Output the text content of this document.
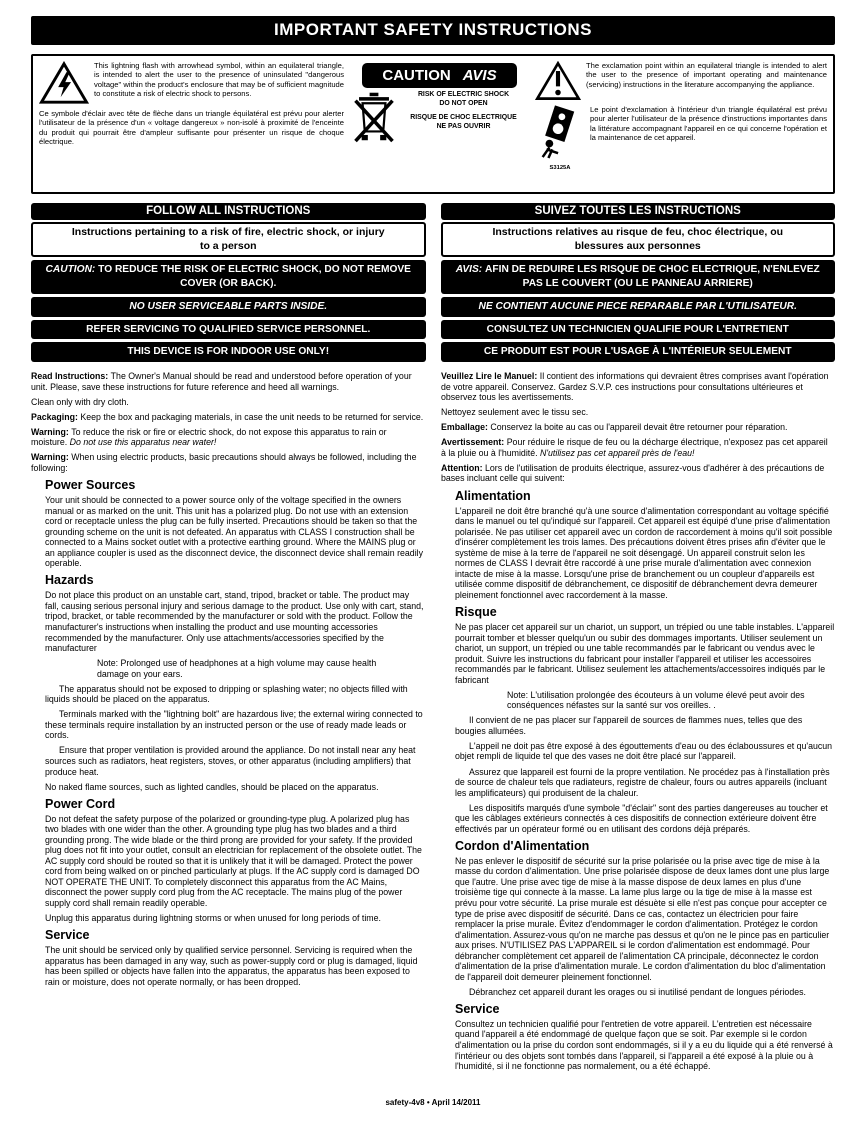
IMPORTANT SAFETY INSTRUCTIONS

This lightning flash with arrowhead symbol, within an equilateral triangle, is intended to alert the user to the presence of uninsulated "dangerous voltage" within the product's enclosure that may be of sufficient magnitude to constitute a risk of electric shock to persons.

Ce symbole d'éclair avec tête de flèche dans un triangle équilatéral est prévu pour alerter l'utilisateur de la présence d'un « voltage dangereux » non-isolé à proximité de l'enceinte du produit qui pourrait être d'ampleur suffisante pour présenter un risque de choque électrique.

CAUTION AVIS
RISK OF ELECTRIC SHOCK
DO NOT OPEN
RISQUE DE CHOC ELECTRIQUE
NE PAS OUVRIR

The exclamation point within an equilateral triangle is intended to alert the user to the presence of important operating and maintenance (servicing) instructions in the literature accompanying the appliance.

S3125A

Le point d'exclamation à l'intérieur d'un triangle équilatéral est prévu pour alerter l'utilisateur de la présence d'instructions importantes dans la littérature accompagnant l'appareil en ce qui concerne l'opération et la maintenance de cet appareil.

FOLLOW ALL INSTRUCTIONS
Instructions pertaining to a risk of fire, electric shock, or injury to a person
CAUTION: TO REDUCE THE RISK OF ELECTRIC SHOCK, DO NOT REMOVE COVER (OR BACK).
NO USER SERVICEABLE PARTS INSIDE.
REFER SERVICING TO QUALIFIED SERVICE PERSONNEL.
THIS DEVICE IS FOR INDOOR USE ONLY!
SUIVEZ TOUTES LES INSTRUCTIONS
Instructions relatives au risque de feu, choc électrique, ou blessures aux personnes
AVIS: AFIN DE REDUIRE LES RISQUE DE CHOC ELECTRIQUE, N'ENLEVEZ PAS LE COUVERT (OU LE PANNEAU ARRIERE)
NE CONTIENT AUCUNE PIECE REPARABLE PAR L'UTILISATEUR.
CONSULTEZ UN TECHNICIEN QUALIFIE POUR L'ENTRETIENT
CE PRODUIT EST POUR L'USAGE À L'INTÉRIEUR SEULEMENT

Read Instructions: The Owner's Manual should be read and understood before operation of your unit. Please, save these instructions for future reference and heed all warnings.

Clean only with dry cloth.

Packaging: Keep the box and packaging materials, in case the unit needs to be returned for service.

Warning: To reduce the risk or fire or electric shock, do not expose this apparatus to rain or moisture. Do not use this apparatus near water!

Warning: When using electric products, basic precautions should always be followed, including the following:

Power Sources

Your unit should be connected to a power source only of the voltage specified in the owners manual or as marked on the unit. This unit has a polarized plug. Do not use with an extension cord or receptacle unless the plug can be fully inserted. Precautions should be taken so that the grounding scheme on the unit is not defeated. An apparatus with CLASS I construction shall be connected to a Mains socket outlet with a protective earthing ground. Where the MAINS plug or an appliance coupler is used as the disconnect device, the disconnect device shall remain readily operable.

Hazards

Do not place this product on an unstable cart, stand, tripod, bracket or table. The product may fall, causing serious personal injury and serious damage to the product. Use only with cart, stand, tripod, bracket, or table recommended by the manufacturer or sold with the product. Follow the manufacturer's instructions when installing the product and use mounting accessories recommended by the manufacturer. Only use attachments/accessories specified by the manufacturer

Note: Prolonged use of headphones at a high volume may cause health damage on your ears.

The apparatus should not be exposed to dripping or splashing water; no objects filled with liquids should be placed on the apparatus.

Terminals marked with the "lightning bolt" are hazardous live; the external wiring connected to these terminals require installation by an instructed person or the use of ready made leads or cords.

Ensure that proper ventilation is provided around the appliance. Do not install near any heat sources such as radiators, heat registers, stoves, or other apparatus (including amplifiers) that produce heat.

No naked flame sources, such as lighted candles, should be placed on the apparatus.

Power Cord

Do not defeat the safety purpose of the polarized or grounding-type plug. A polarized plug has two blades with one wider than the other. A grounding type plug has two blades and a third grounding prong. The wide blade or the third prong are provided for your safety. If the provided plug does not fit into your outlet, consult an electrician for replacement of the obsolete outlet. The AC supply cord should be routed so that it is unlikely that it will be damaged. Protect the power cord from being walked on or pinched particularly at plugs. If the AC supply cord is damaged DO NOT OPERATE THE UNIT. To completely disconnect this apparatus from the AC Mains, disconnect the power supply cord plug from the AC receptacle. The mains plug of the power supply cord shall remain readily operable.

Unplug this apparatus during lightning storms or when unused for long periods of time.

Service

The unit should be serviced only by qualified service personnel. Servicing is required when the apparatus has been damaged in any way, such as power-supply cord or plug is damaged, liquid has been spilled or objects have fallen into the apparatus, the apparatus has been exposed to rain or moisture, does not operate normally, or has been dropped.

Veuillez Lire le Manuel: Il contient des informations qui devraient êtres comprises avant l'opération de votre appareil. Conservez. Gardez S.V.P. ces instructions pour consultations ultérieures et observez tous les avertissements.

Nettoyez seulement avec le tissu sec.

Emballage: Conservez la boite au cas ou l'appareil devait être retourner pour réparation.

Avertissement: Pour réduire le risque de feu ou la décharge électrique, n'exposez pas cet appareil à la pluie ou à l'humidité. N'utilisez pas cet appareil près de l'eau!

Attention: Lors de l'utilisation de produits électrique, assurez-vous d'adhérer à des précautions de bases incluant celle qui suivent:

Alimentation

L'appareil ne doit être branché qu'à une source d'alimentation correspondant au voltage spécifié dans le manuel ou tel qu'indiqué sur l'appareil. Cet appareil est équipé d'une prise d'alimentation polarisée. Ne pas utiliser cet appareil avec un cordon de raccordement à moins qu'il soit possible d'insérer complètement les trois lames. Des précautions doivent êtres prises afin d'éviter que le système de mise à la terre de l'appareil ne soit désengagé. Un appareil construit selon les normes de CLASS I devrait être raccordé à une prise murale d'alimentation avec connexion intacte de mise à la masse. Lorsqu'une prise de branchement ou un coupleur d'appareils est utilisée comme dispositif de débranchement, ce dispositif de débranchement devra demeurer pleinement fonctionnel avec raccordement à la masse.

Risque

Ne pas placer cet appareil sur un chariot, un support, un trépied ou une table instables. L'appareil pourrait tomber et blesser quelqu'un ou subir des dommages importants. Utiliser seulement un chariot, un support, un trépied ou une table recommandés par le fabricant ou vendus avec le produit. Suivre les instructions du fabricant pour installer l'appareil et utiliser les accessoires recommandés par le fabricant. Utilisez seulement les attachements/accessoires indiqués par le fabricant

Note: L'utilisation prolongée des écouteurs à un volume élevé peut avoir des conséquences néfastes sur la santé sur vos oreilles. .

Il convient de ne pas placer sur l'appareil de sources de flammes nues, telles que des bougies allumées.

L'appeil ne doit pas être exposé à des égouttements d'eau ou des éclaboussures et qu'aucun objet rempli de liquide tel que des vases ne doit être placé sur l'appareil.

Assurez que lappareil est fourni de la propre ventilation. Ne procédez pas à l'installation près de source de chaleur tels que radiateurs, registre de chaleur, fours ou autres appareils (incluant les amplificateurs) qui produisent de la chaleur.

Les dispositifs marqués d'une symbole "d'éclair" sont des parties dangereuses au toucher et que les câblages extérieurs connectés à ces dispositifs de connection extérieure doivent être effectivés par un opérateur formé ou en utilisant des cordons déjà préparés.

Cordon d'Alimentation

Ne pas enlever le dispositif de sécurité sur la prise polarisée ou la prise avec tige de mise à la masse du cordon d'alimentation. Une prise polarisée dispose de deux lames dont une plus large que l'autre. Une prise avec tige de mise à la masse dispose de deux lames en plus d'une troisième tige qui connecte à la masse. La lame plus large ou la tige de mise à la masse est prévu pour votre sécurité. La prise murale est désuète si elle n'est pas conçue pour accepter ce type de prise avec dispositif de sécurité. Dans ce cas, contactez un électricien pour faire remplacer la prise murale. Évitez d'endommager le cordon d'alimentation. Protégez le cordon d'alimentation. Assurez-vous qu'on ne marche pas dessus et qu'on ne le pince pas en particulier aux prises. N'UTILISEZ PAS L'APPAREIL si le cordon d'alimentation est endommagé. Pour débrancher complètement cet appareil de l'alimentation CA principale, déconnectez le cordon d'alimentation de la prise d'alimentation murale. Le cordon d'alimentation du bloc d'alimentation de l'appareil doit demeurer pleinement fonctionnel.

Débranchez cet appareil durant les orages ou si inutilisé pendant de longues périodes.

Service

Consultez un technicien qualifié pour l'entretien de votre appareil. L'entretien est nécessaire quand l'appareil a été endommagé de quelque façon que se soit. Par exemple si le cordon d'alimentation ou la prise du cordon sont endommagés, si il y a eu du liquide qui a été renversé à l'intérieur ou des objets sont tombés dans l'appareil, si l'appareil a été exposé à la pluie ou à l'humidité, si il ne fonctionne pas normalement, ou a été échappé.

safety-4v8 • April 14/2011
